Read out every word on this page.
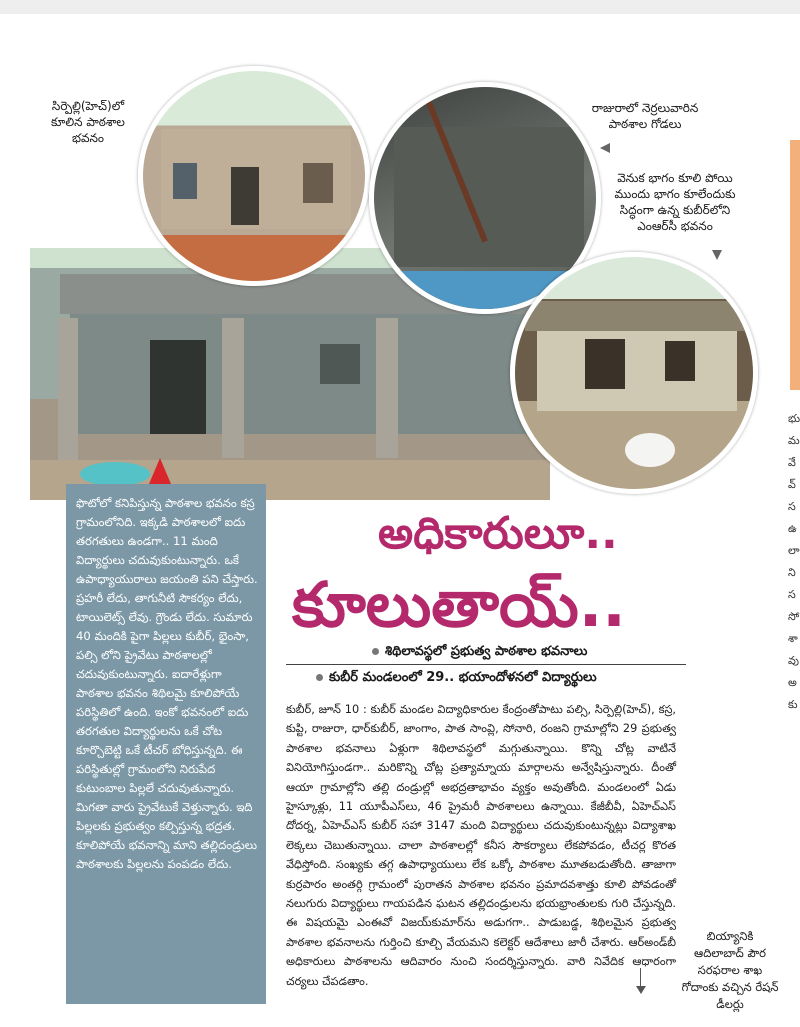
సిర్పెల్లి(హెచ్)లో కూలిన పాఠశాల భవనం
రాజురాలో నెర్రలువారిన పాఠశాల గోడలు
వెనుక భాగం కూలి పోయి ముందు భాగం కూలేందుకు సిద్ధంగా ఉన్న కుబీర్‌లోని ఎంఆర్‌సీ భవనం

ఫొటోలో కనిపిస్తున్న పాఠశాల భవనం కస్ర గ్రామంలోనిది. ఇక్కడి పాఠశాలలో ఐదు తరగతులు ఉండగా.. 11 మంది విద్యార్థులు చదువుకుంటున్నారు. ఒకే ఉపాధ్యాయురాలు జయంతి పని చేస్తారు. ప్రహరీ లేదు, తాగునీటి సౌకర్యం లేదు, టాయిలెట్స్ లేవు. గ్రౌండు లేదు. సుమారు 40 మందికి పైగా పిల్లలు కుబీర్, భైంసా, పల్సి లోని ప్రైవేటు పాఠశాలల్లో చదువుకుంటున్నారు. ఐదారేళ్లుగా పాఠశాల భవనం శిథిలమై కూలిపోయే పరిస్థితిలో ఉంది. ఇంకో భవనంలో ఐదు తరగతుల విద్యార్థులను ఒకే చోట కూర్చొబెట్టి ఒకే టీచర్ బోధిస్తున్నది. ఈ పరిస్థితుల్లో గ్రామంలోని నిరుపేద కుటుంబాల పిల్లలే చదువుతున్నారు. మిగతా వారు ప్రైవేటుకే వెళ్తున్నారు. ఇది పిల్లలకు ప్రభుత్వం కల్పిస్తున్న భద్రత. కూలిపోయే భవనాన్ని మాని తల్లిదండ్రులు పాఠశాలకు పిల్లలను పంపడం లేదు.

అధికారులూ..
కూలుతాయ్..
శిథిలావస్థలో ప్రభుత్వ పాఠశాల భవనాలు
కుబీర్ మండలంలో 29.. భయాందోళనలో విద్యార్థులు
కుబీర్, జూన్ 10 : కుబీర్ మండల విద్యాధికారుల కేంద్రంతోపాటు పల్సి, సిర్పెల్లి(హెచ్), కస్ర, కుప్టి, రాజురా, ధార్‌కుబీర్, జాంగాం, పాత సాంవ్లి, సోనారి, రంజని గ్రామాల్లోని 29 ప్రభుత్వ పాఠశాల భవనాలు ఏళ్లుగా శిథిలావస్థలో మగ్గుతున్నాయి. కొన్ని చోట్ల వాటినే వినియోగిస్తుండగా.. మరికొన్ని చోట్ల ప్రత్యామ్నాయ మార్గాలను అన్వేషిస్తున్నారు. దీంతో ఆయా గ్రామాల్లోని తల్లి దండ్రుల్లో అభద్రతాభావం వ్యక్తం అవుతోంది. మండలంలో ఏడు హైస్కూళ్లు, 11 యూపీఎస్‌లు, 46 ప్రైమరీ పాఠశాలలు ఉన్నాయి. కేజీబీవీ, ఏహెచ్‌ఎస్ దోదర్న, ఏహెచ్‌ఎస్ కుబీర్ సహా 3147 మంది విద్యార్థులు చదువుకుంటున్నట్లు విద్యాశాఖ లెక్కలు చెబుతున్నాయి. చాలా పాఠశాలల్లో కనీస సౌకర్యాలు లేకపోవడం, టీచర్ల కొరత వేధిస్తోంది. సంఖ్యకు తగ్గ ఉపాధ్యాయులు లేక ఒక్కో పాఠశాల మూతబడుతోంది. తాజాగా కుర్రపారం అంతర్గి గ్రామంలో పురాతన పాఠశాల భవనం ప్రమాదవశాత్తు కూలి పోవడంతో నలుగురు విద్యార్థులు గాయపడిన ఘటన తల్లిదండ్రులను భయభ్రాంతులకు గురి చేస్తున్నది. ఈ విషయమై ఎంఈవో విజయ్‌కుమార్‌ను అడుగగా.. పాడుబడ్డ, శిథిలమైన ప్రభుత్వ పాఠశాల భవనాలను గుర్తించి కూల్చి వేయమని కలెక్టర్ ఆదేశాలు జారీ చేశారు. ఆర్‌అండ్‌బీ అధికారులు పాఠశాలను ఆదివారం నుంచి సందర్శిస్తున్నారు. వారి నివేదిక ఆధారంగా చర్యలు చేపడతాం.
బియ్యానికి ఆదిలాబాద్ పౌర సరఫరాల శాఖ గోదాంకు వచ్చిన రేషన్ డీలర్లు
భు మ వే వ్ స ఉ లా ని స సో శా వు అ కు
